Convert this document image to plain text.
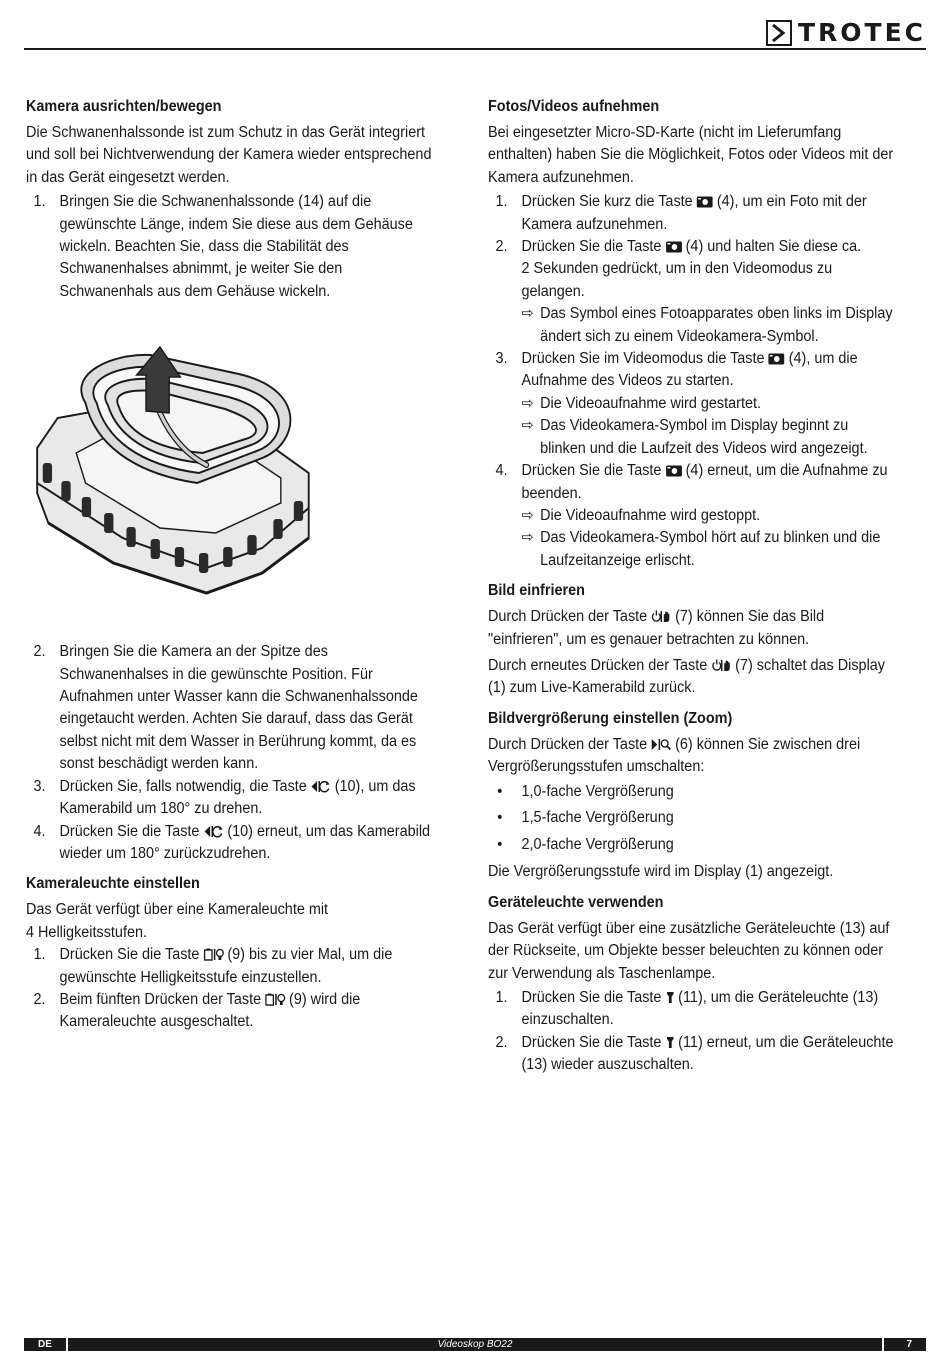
TROTEC
Kamera ausrichten/bewegen

Die Schwanenhalssonde ist zum Schutz in das Gerät integriert und soll bei Nichtverwendung der Kamera wieder entsprechend in das Gerät eingesetzt werden.

1. Bringen Sie die Schwanenhalssonde (14) auf die gewünschte Länge, indem Sie diese aus dem Gehäuse wickeln. Beachten Sie, dass die Stabilität des Schwanenhalses abnimmt, je weiter Sie den Schwanenhals aus dem Gehäuse wickeln.
2. Bringen Sie die Kamera an der Spitze des Schwanenhalses in die gewünschte Position. Für Aufnahmen unter Wasser kann die Schwanenhalssonde eingetaucht werden. Achten Sie darauf, dass das Gerät selbst nicht mit dem Wasser in Berührung kommt, da es sonst beschädigt werden kann.
3. Drücken Sie, falls notwendig, die Taste (10), um das Kamerabild um 180° zu drehen.
4. Drücken Sie die Taste (10) erneut, um das Kamerabild wieder um 180° zurückzudrehen.
Kameraleuchte einstellen

Das Gerät verfügt über eine Kameraleuchte mit
4 Helligkeitsstufen.

1. Drücken Sie die Taste (9) bis zu vier Mal, um die gewünschte Helligkeitsstufe einzustellen.
2. Beim fünften Drücken der Taste (9) wird die Kameraleuchte ausgeschaltet.
Fotos/Videos aufnehmen

Bei eingesetzter Micro-SD-Karte (nicht im Lieferumfang enthalten) haben Sie die Möglichkeit, Fotos oder Videos mit der Kamera aufzunehmen.

1. Drücken Sie kurz die Taste (4), um ein Foto mit der Kamera aufzunehmen.
2. Drücken Sie die Taste (4) und halten Sie diese ca.
2 Sekunden gedrückt, um in den Videomodus zu gelangen.
⇨ Das Symbol eines Fotoapparates oben links im Display ändert sich zu einem Videokamera-Symbol.
3. Drücken Sie im Videomodus die Taste (4), um die Aufnahme des Videos zu starten.
⇨ Die Videoaufnahme wird gestartet.
⇨ Das Videokamera-Symbol im Display beginnt zu blinken und die Laufzeit des Videos wird angezeigt.
4. Drücken Sie die Taste (4) erneut, um die Aufnahme zu beenden.
⇨ Die Videoaufnahme wird gestoppt.
⇨ Das Videokamera-Symbol hört auf zu blinken und die Laufzeitanzeige erlischt.
Bild einfrieren

Durch Drücken der Taste (7) können Sie das Bild "einfrieren", um es genauer betrachten zu können.

Durch erneutes Drücken der Taste (7) schaltet das Display (1) zum Live-Kamerabild zurück.

Bildvergrößerung einstellen (Zoom)

Durch Drücken der Taste (6) können Sie zwischen drei Vergrößerungsstufen umschalten:

• 1,0-fache Vergrößerung
• 1,5-fache Vergrößerung
• 2,0-fache Vergrößerung

Die Vergrößerungsstufe wird im Display (1) angezeigt.

Geräteleuchte verwenden

Das Gerät verfügt über eine zusätzliche Geräteleuchte (13) auf der Rückseite, um Objekte besser beleuchten zu können oder zur Verwendung als Taschenlampe.

1. Drücken Sie die Taste (11), um die Geräteleuchte (13) einzuschalten.
2. Drücken Sie die Taste (11) erneut, um die Geräteleuchte (13) wieder auszuschalten.
DE	Videoskop BO22	7
